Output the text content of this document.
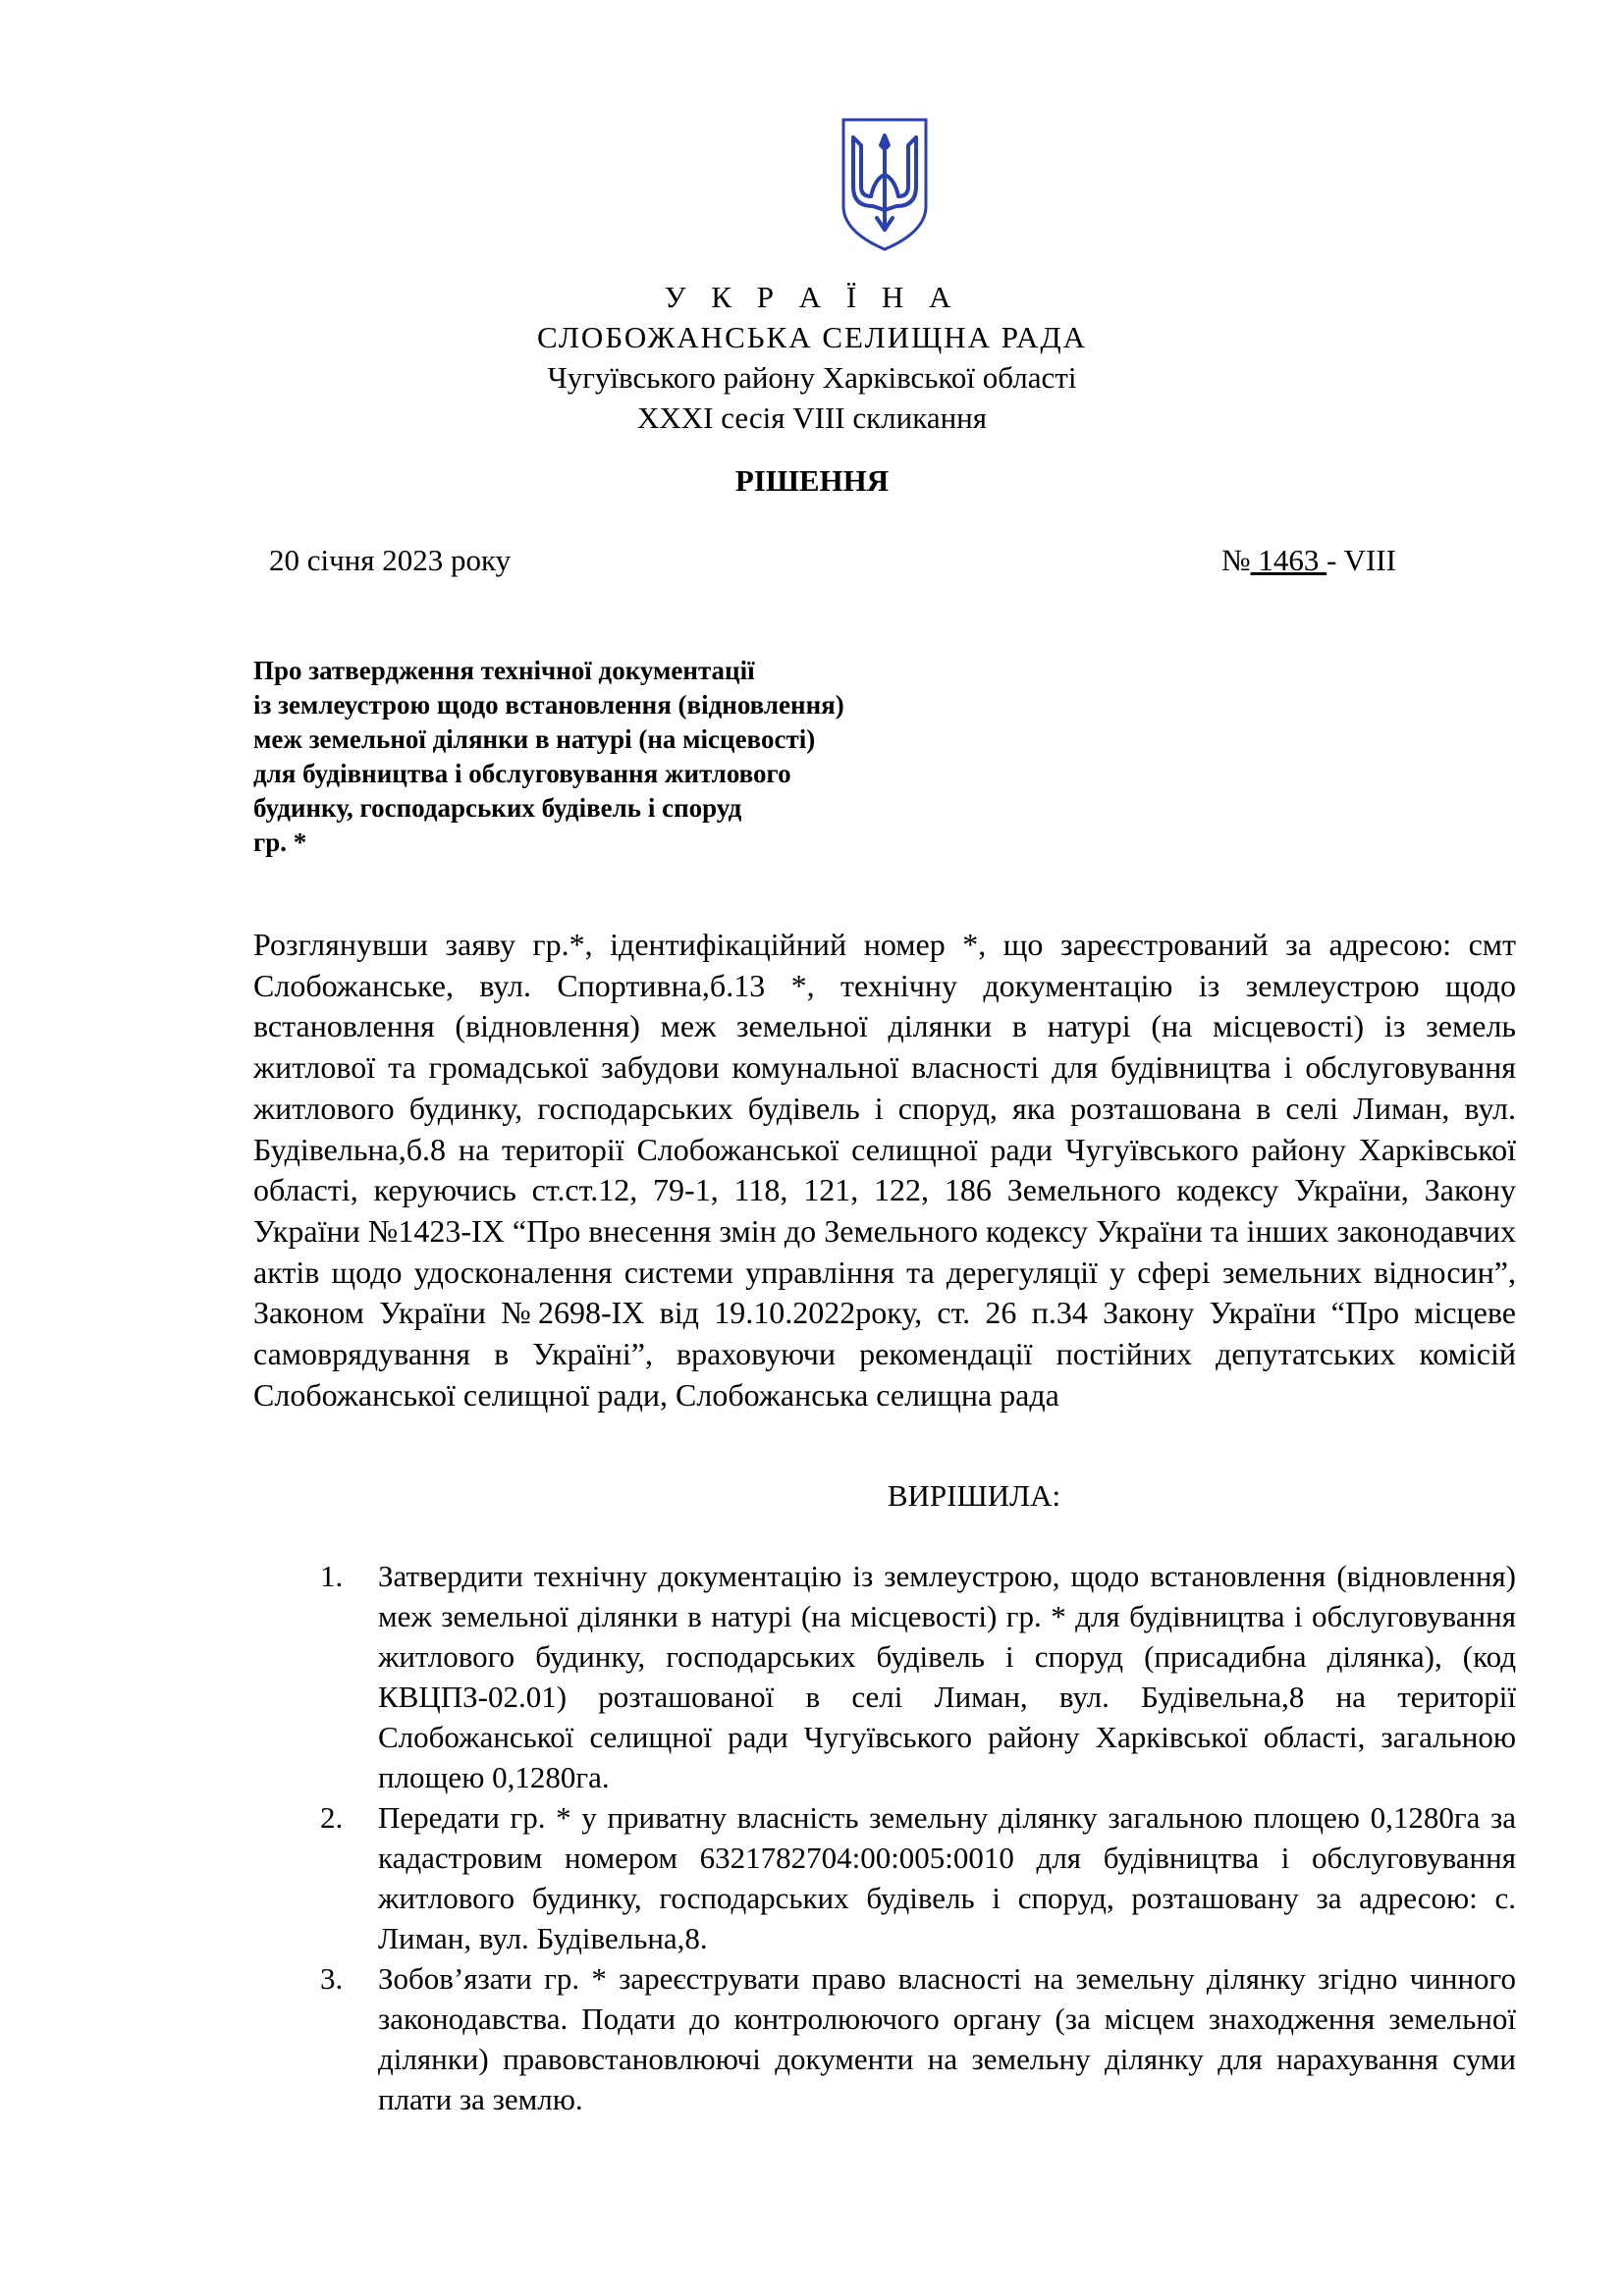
У К Р А Ї Н А
СЛОБОЖАНСЬКА СЕЛИЩНА РАДА
Чугуївського району Харківської області
XXXI сесія VIII скликання
РІШЕННЯ
20 січня 2023 року	№ 1463 - VIII
Про затвердження технічної документації
із землеустрою щодо встановлення (відновлення)
меж земельної ділянки в натурі (на місцевості)
для будівництва і обслуговування житлового
будинку, господарських будівель і споруд
гр. *
Розглянувши заяву гр.*, ідентифікаційний номер *, що зареєстрований за адресою: смт Слобожанське, вул. Спортивна,б.13 *, технічну документацію із землеустрою щодо встановлення (відновлення) меж земельної ділянки в натурі (на місцевості) із земель житлової та громадської забудови комунальної власності для будівництва і обслуговування житлового будинку, господарських будівель і споруд, яка розташована в селі Лиман, вул. Будівельна,б.8 на території Слобожанської селищної ради Чугуївського району Харківської області, керуючись ст.ст.12, 79-1, 118, 121, 122, 186 Земельного кодексу України, Закону України №1423-IX “Про внесення змін до Земельного кодексу України та інших законодавчих актів щодо удосконалення системи управління та дерегуляції у сфері земельних відносин”, Законом України №2698-IX від 19.10.2022року, ст. 26 п.34 Закону України “Про місцеве самоврядування в Україні”, враховуючи рекомендації постійних депутатських комісій Слобожанської селищної ради, Слобожанська селищна рада
ВИРІШИЛА:
1. Затвердити технічну документацію із землеустрою, щодо встановлення (відновлення) меж земельної ділянки в натурі (на місцевості) гр. * для будівництва і обслуговування житлового будинку, господарських будівель і споруд (присадибна ділянка), (код КВЦПЗ-02.01) розташованої в селі Лиман, вул. Будівельна,8 на території Слобожанської селищної ради Чугуївського району Харківської області, загальною площею 0,1280га.
2. Передати гр. * у приватну власність земельну ділянку загальною площею 0,1280га за кадастровим номером 6321782704:00:005:0010 для будівництва і обслуговування житлового будинку, господарських будівель і споруд, розташовану за адресою: с. Лиман, вул. Будівельна,8.
3. Зобов’язати гр. * зареєструвати право власності на земельну ділянку згідно чинного законодавства. Подати до контролюючого органу (за місцем знаходження земельної ділянки) правовстановлюючі документи на земельну ділянку для нарахування суми плати за землю.
